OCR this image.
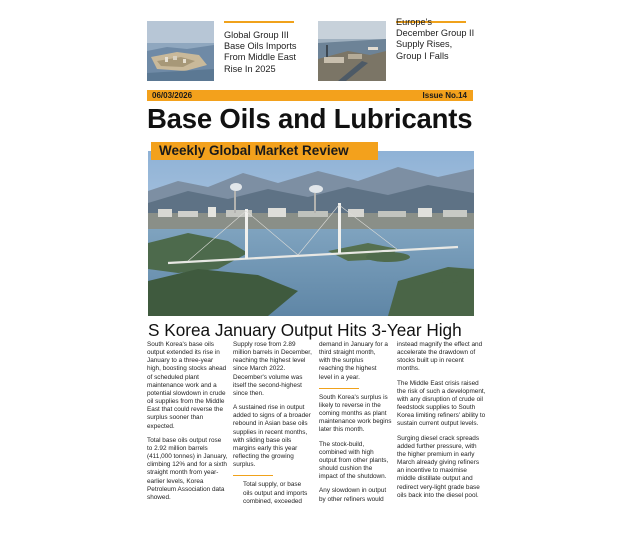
Global Group III
Base Oils Imports
From Middle East
Rise In 2025
Europe's
December Group II
Supply Rises,
Group I Falls
06/03/2026	Issue No.14
Base Oils and Lubricants
Weekly Global Market Review
S Korea January Output Hits 3-Year High

South Korea's base oils
output extended its rise in
January to a three-year
high, boosting stocks ahead
of scheduled plant
maintenance work and a
potential slowdown in crude
oil supplies from the Middle
East that could reverse the
surplus sooner than
expected.

Total base oils output rose
to 2.92 million barrels
(411,000 tonnes) in January,
climbing 12% and for a sixth
straight month from year-
earlier levels, Korea
Petroleum Association data
showed.

Supply rose from 2.89
million barrels in December,
reaching the highest level
since March 2022.
December's volume was
itself the second-highest
since then.

A sustained rise in output
added to signs of a broader
rebound in Asian base oils
supplies in recent months,
with sliding base oils
margins early this year
reflecting the growing
surplus.

Total supply, or base
oils output and imports
combined, exceeded

demand in January for a
third straight month,
with the surplus
reaching the highest
level in a year.

South Korea's surplus is
likely to reverse in the
coming months as plant
maintenance work begins
later this month.

The stock-build,
combined with high
output from other plants,
should cushion the
impact of the shutdown.

Any slowdown in output
by other refiners would

instead magnify the effect and
accelerate the drawdown of
stocks built up in recent
months.

The Middle East crisis raised
the risk of such a development,
with any disruption of crude oil
feedstock supplies to South
Korea limiting refiners' ability to
sustain current output levels.

Surging diesel crack spreads
added further pressure, with
the higher premium in early
March already giving refiners
an incentive to maximise
middle distillate output and
redirect very-light grade base
oils back into the diesel pool.
